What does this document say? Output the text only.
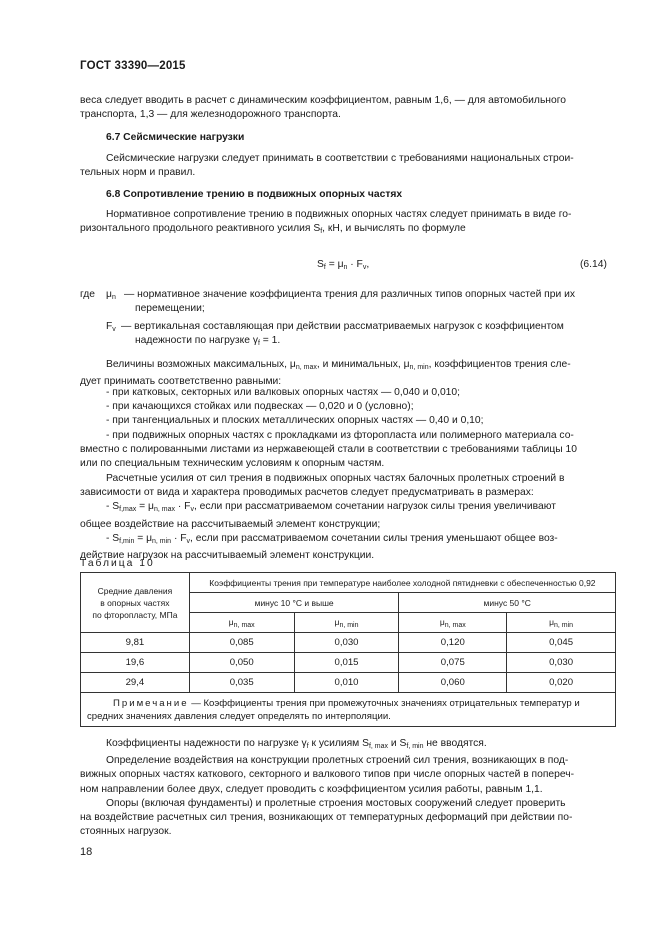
ГОСТ 33390—2015
веса следует вводить в расчет с динамическим коэффициентом, равным 1,6, — для автомобильного
транспорта, 1,3 — для железнодорожного транспорта.
6.7 Сейсмические нагрузки
Сейсмические нагрузки следует принимать в соответствии с требованиями национальных строи-
тельных норм и правил.
6.8 Сопротивление трению в подвижных опорных частях
Нормативное сопротивление трению в подвижных опорных частях следует принимать в виде го-
ризонтального продольного реактивного усилия $S_f$, кН, и вычислять по формуле
$S_f = \mu_n \cdot F_v$,	(6.14)
где $\mu_n$ — нормативное значение коэффициента трения для различных типов опорных частей при их
перемещении;
$F_v$ — вертикальная составляющая при действии рассматриваемых нагрузок с коэффициентом
надежности по нагрузке $\gamma_f = 1$.
Величины возможных максимальных, $\mu_{n, max}$, и минимальных, $\mu_{n, min}$, коэффициентов трения сле-
дует принимать соответственно равными:
- при катковых, секторных или валковых опорных частях — 0,040 и 0,010;
- при качающихся стойках или подвесках — 0,020 и 0 (условно);
- при тангенциальных и плоских металлических опорных частях — 0,40 и 0,10;
- при подвижных опорных частях с прокладками из фторопласта или полимерного материала со-
вместно с полированными листами из нержавеющей стали в соответствии с требованиями таблицы 10
или по специальным техническим условиям к опорным частям.
Расчетные усилия от сил трения в подвижных опорных частях балочных пролетных строений в
зависимости от вида и характера проводимых расчетов следует предусматривать в размерах:
- $S_{f,max} = \mu_{n, max} \cdot F_v$, если при рассматриваемом сочетании нагрузок силы трения увеличивают
общее воздействие на рассчитываемый элемент конструкции;
- $S_{f,min} = \mu_{n, min} \cdot F_v$, если при рассматриваемом сочетании силы трения уменьшают общее воз-
действие нагрузок на рассчитываемый элемент конструкции.
Таблица 10
Средние давления
в опорных частях
по фторопласту, МПа	Коэффициенты трения при температуре наиболее холодной пятидневки с обеспеченностью 0,92			
	минус 10 °C и выше		минус 50 °C	
	$\mu_{n, max}$	$\mu_{n, min}$	$\mu_{n, max}$	$\mu_{n, min}$
9,81	0,085	0,030	0,120	0,045
19,6	0,050	0,015	0,075	0,030
29,4	0,035	0,010	0,060	0,020

Примечание — Коэффициенты трения при промежуточных значениях отрицательных температур и
средних значениях давления следует определять по интерполяции.				
Коэффициенты надежности по нагрузке $\gamma_f$ к усилиям $S_{f, max}$ и $S_{f, min}$ не вводятся.
Определение воздействия на конструкции пролетных строений сил трения, возникающих в под-
вижных опорных частях каткового, секторного и валкового типов при числе опорных частей в попереч-
ном направлении более двух, следует проводить с коэффициентом усилия работы, равным 1,1.
Опоры (включая фундаменты) и пролетные строения мостовых сооружений следует проверить
на воздействие расчетных сил трения, возникающих от температурных деформаций при действии по-
стоянных нагрузок.
18
